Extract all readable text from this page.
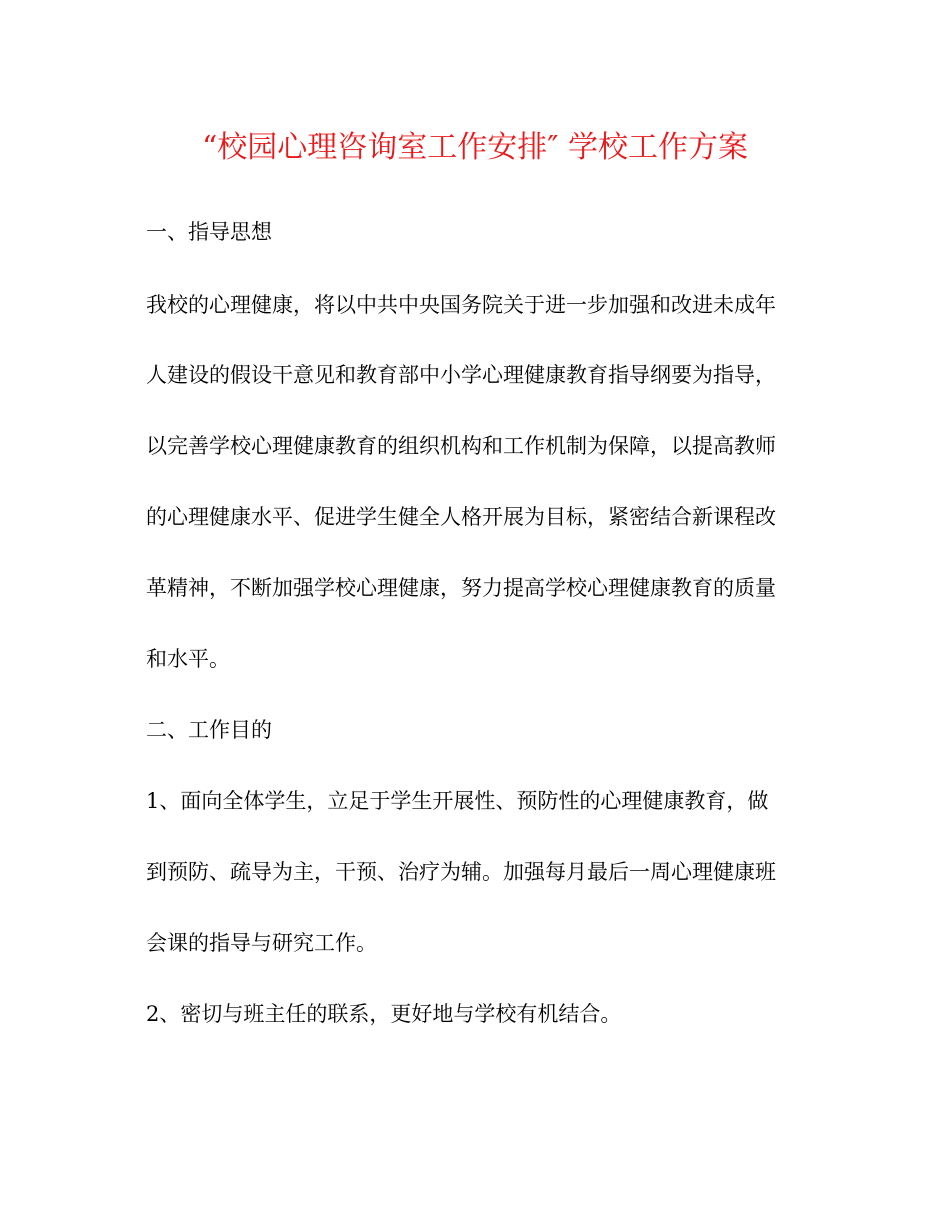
“校园心理咨询室工作安排″ 学校工作方案
一、指导思想
我校的心理健康，将以中共中央国务院关于进一步加强和改进未成年
人建设的假设干意见和教育部中小学心理健康教育指导纲要为指导，
以完善学校心理健康教育的组织机构和工作机制为保障，以提高教师
的心理健康水平、促进学生健全人格开展为目标，紧密结合新课程改
革精神，不断加强学校心理健康，努力提高学校心理健康教育的质量
和水平。
二、工作目的
1、面向全体学生，立足于学生开展性、预防性的心理健康教育，做
到预防、疏导为主，干预、治疗为辅。加强每月最后一周心理健康班
会课的指导与研究工作。
2、密切与班主任的联系，更好地与学校有机结合。
